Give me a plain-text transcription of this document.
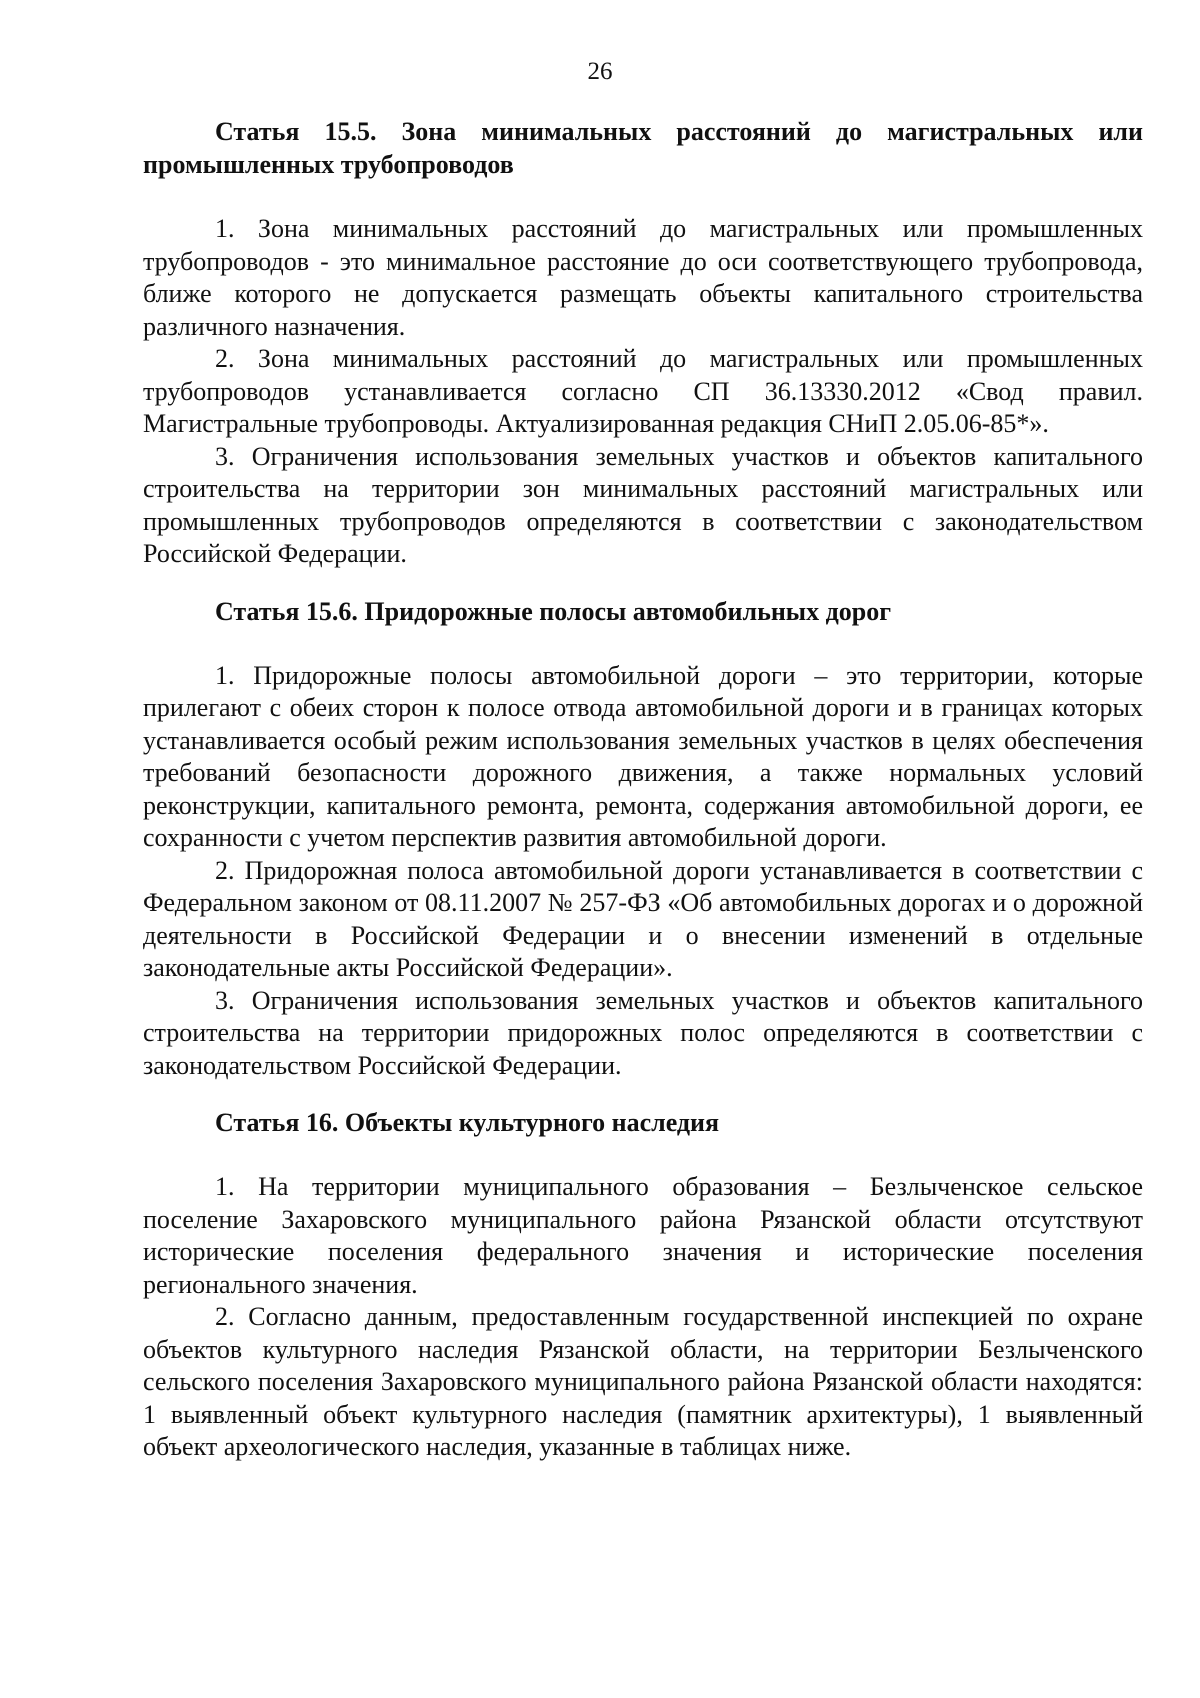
26

Статья 15.5. Зона минимальных расстояний до магистральных или промышленных трубопроводов

1. Зона минимальных расстояний до магистральных или промышленных трубопроводов - это минимальное расстояние до оси соответствующего трубопровода, ближе которого не допускается размещать объекты капитального строительства различного назначения.

2. Зона минимальных расстояний до магистральных или промышленных трубопроводов устанавливается согласно СП 36.13330.2012 «Свод правил. Магистральные трубопроводы. Актуализированная редакция СНиП 2.05.06-85*».

3. Ограничения использования земельных участков и объектов капитального строительства на территории зон минимальных расстояний магистральных или промышленных трубопроводов определяются в соответствии с законодательством Российской Федерации.

Статья 15.6. Придорожные полосы автомобильных дорог

1. Придорожные полосы автомобильной дороги – это территории, которые прилегают с обеих сторон к полосе отвода автомобильной дороги и в границах которых устанавливается особый режим использования земельных участков в целях обеспечения требований безопасности дорожного движения, а также нормальных условий реконструкции, капитального ремонта, ремонта, содержания автомобильной дороги, ее сохранности с учетом перспектив развития автомобильной дороги.

2. Придорожная полоса автомобильной дороги устанавливается в соответствии с Федеральном законом от 08.11.2007 № 257-ФЗ «Об автомобильных дорогах и о дорожной деятельности в Российской Федерации и о внесении изменений в отдельные законодательные акты Российской Федерации».

3. Ограничения использования земельных участков и объектов капитального строительства на территории придорожных полос определяются в соответствии с законодательством Российской Федерации.

Статья 16. Объекты культурного наследия

1. На территории муниципального образования – Безлыченское сельское поселение Захаровского муниципального района Рязанской области отсутствуют исторические поселения федерального значения и исторические поселения регионального значения.

2. Согласно данным, предоставленным государственной инспекцией по охране объектов культурного наследия Рязанской области, на территории Безлыченского сельского поселения Захаровского муниципального района Рязанской области находятся: 1 выявленный объект культурного наследия (памятник архитектуры), 1 выявленный объект археологического наследия, указанные в таблицах ниже.
